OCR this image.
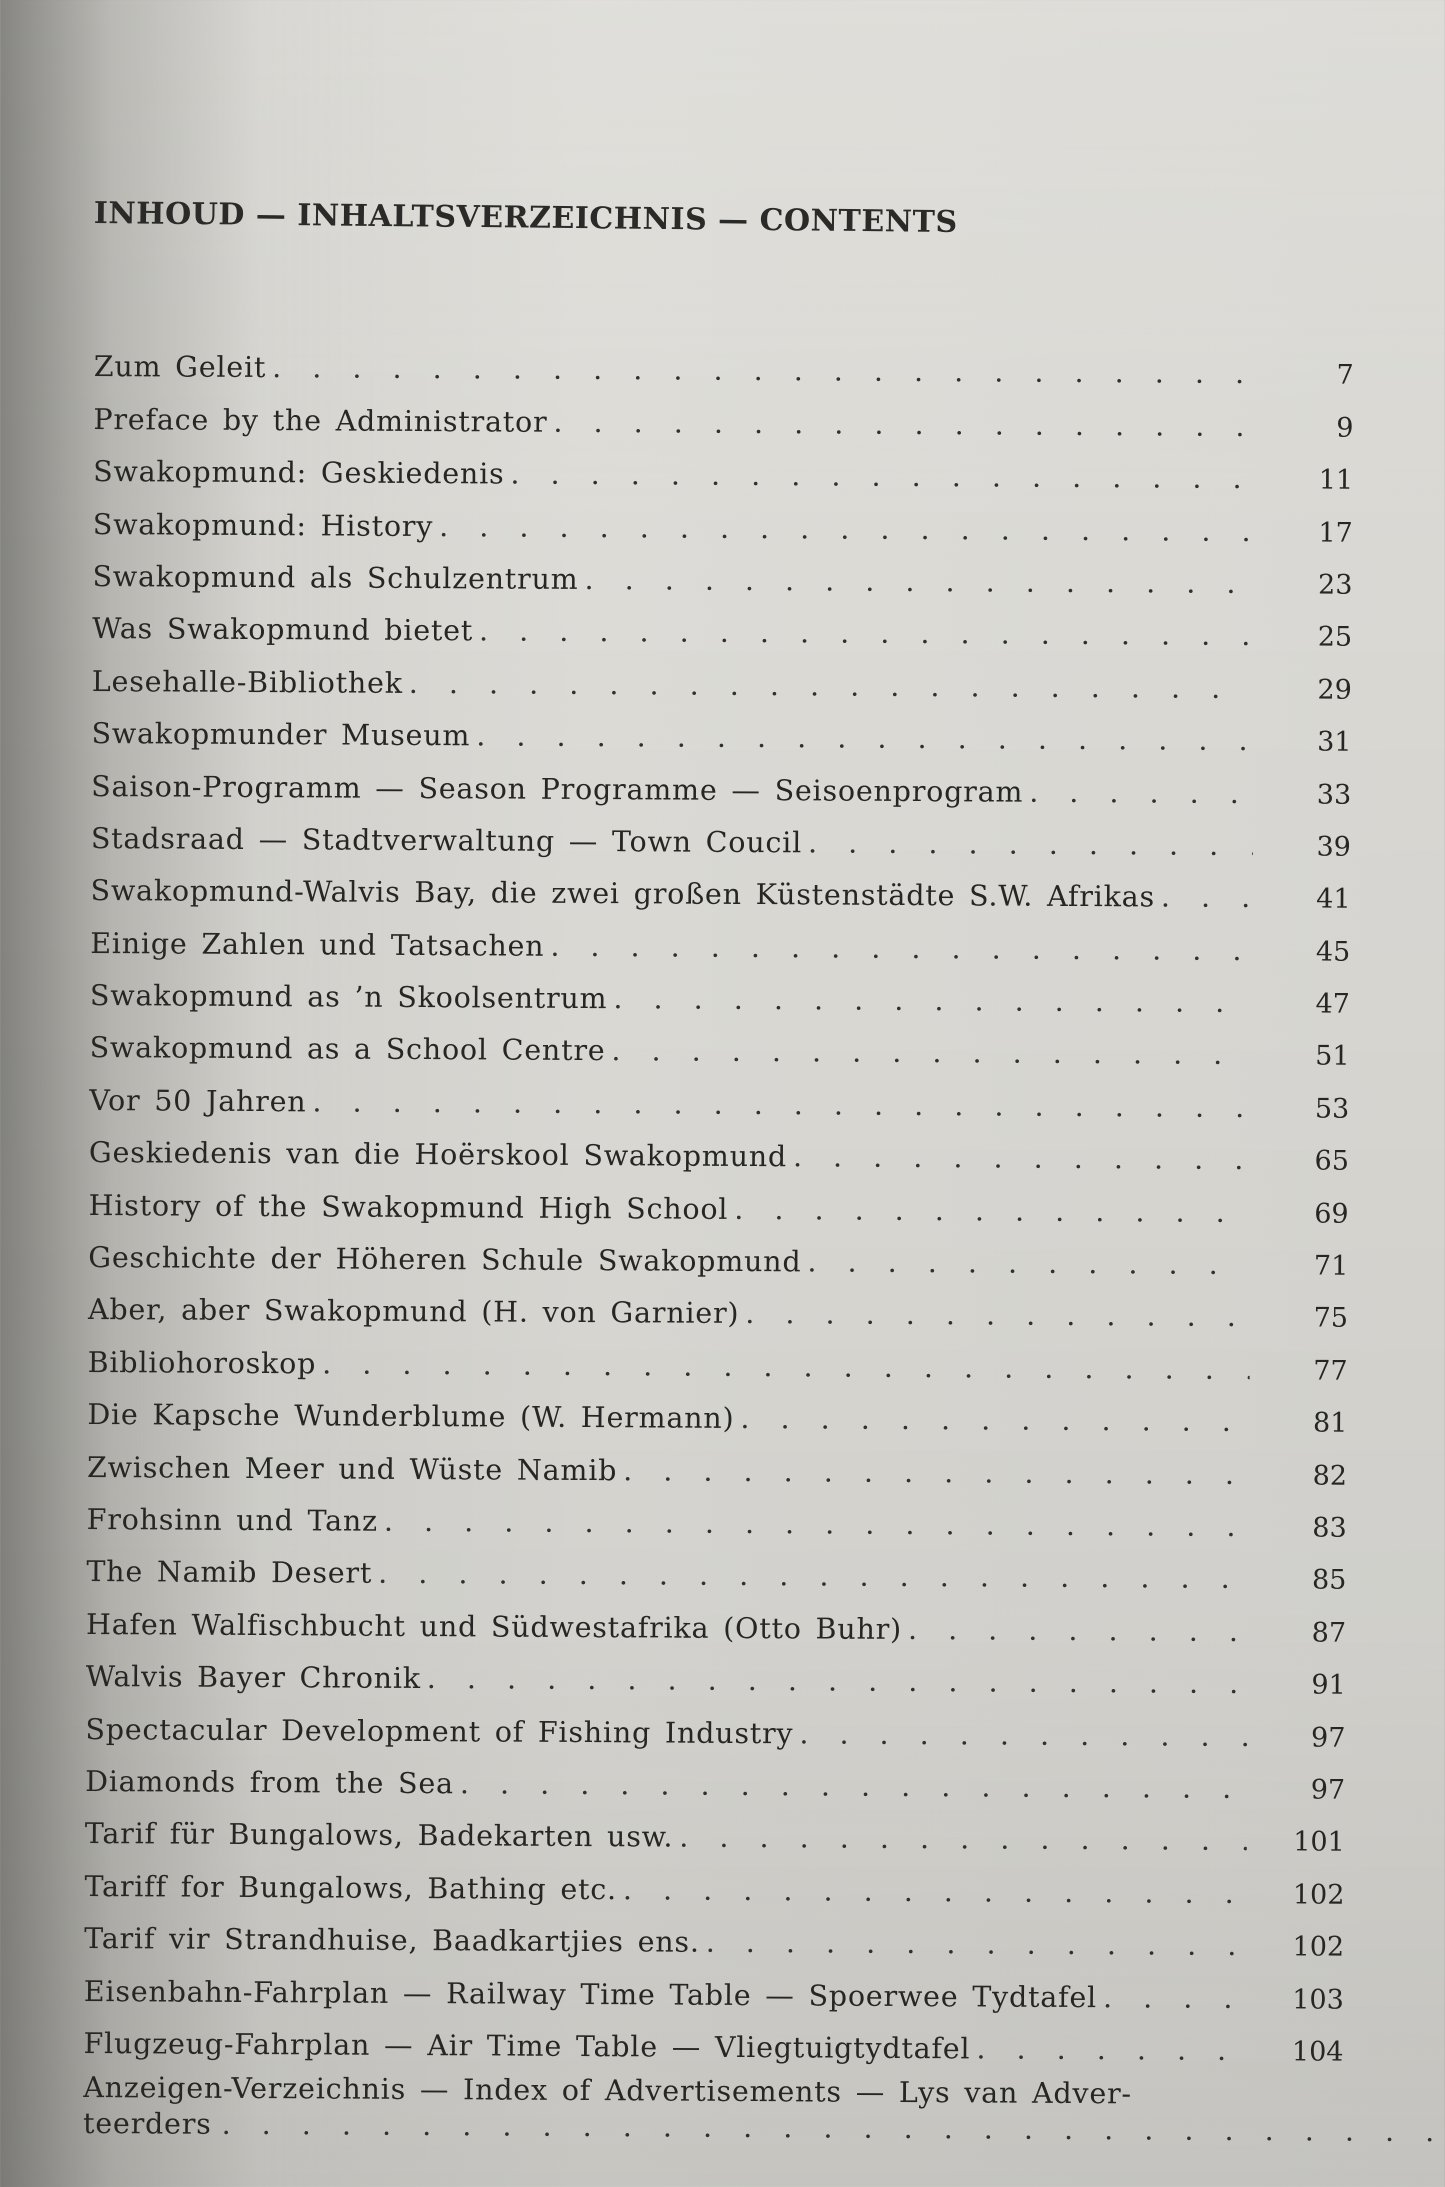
INHOUD — INHALTSVERZEICHNIS — CONTENTS
Zum Geleit . . .	7
Preface by the Administrator . . .	9
Swakopmund: Geskiedenis . . .	11
Swakopmund: History . . .	17
Swakopmund als Schulzentrum . . .	23
Was Swakopmund bietet . . .	25
Lesehalle-Bibliothek . . .	29
Swakopmunder Museum . . .	31
Saison-Programm — Season Programme — Seisoenprogram . . .	33
Stadsraad — Stadtverwaltung — Town Coucil . . .	39
Swakopmund-Walvis Bay, die zwei großen Küstenstädte S.W. Afrikas . . .	41
Einige Zahlen und Tatsachen . . .	45
Swakopmund as ’n Skoolsentrum . . .	47
Swakopmund as a School Centre . . .	51
Vor 50 Jahren . . .	53
Geskiedenis van die Hoërskool Swakopmund . . .	65
History of the Swakopmund High School . . .	69
Geschichte der Höheren Schule Swakopmund . . .	71
Aber, aber Swakopmund (H. von Garnier) . . .	75
Bibliohoroskop . . .	77
Die Kapsche Wunderblume (W. Hermann) . . .	81
Zwischen Meer und Wüste Namib . . .	82
Frohsinn und Tanz . . .	83
The Namib Desert . . .	85
Hafen Walfischbucht und Südwestafrika (Otto Buhr) . . .	87
Walvis Bayer Chronik . . .	91
Spectacular Development of Fishing Industry . . .	97
Diamonds from the Sea . . .	97
Tarif für Bungalows, Badekarten usw. . . .	101
Tariff for Bungalows, Bathing etc. . . .	102
Tarif vir Strandhuise, Baadkartjies ens. . . .	102
Eisenbahn-Fahrplan — Railway Time Table — Spoerwee Tydtafel . . .	103
Flugzeug-Fahrplan — Air Time Table — Vliegtuigtydtafel . . .	104
Anzeigen-Verzeichnis — Index of Advertisements — Lys van Adver-
teerders
. . .
